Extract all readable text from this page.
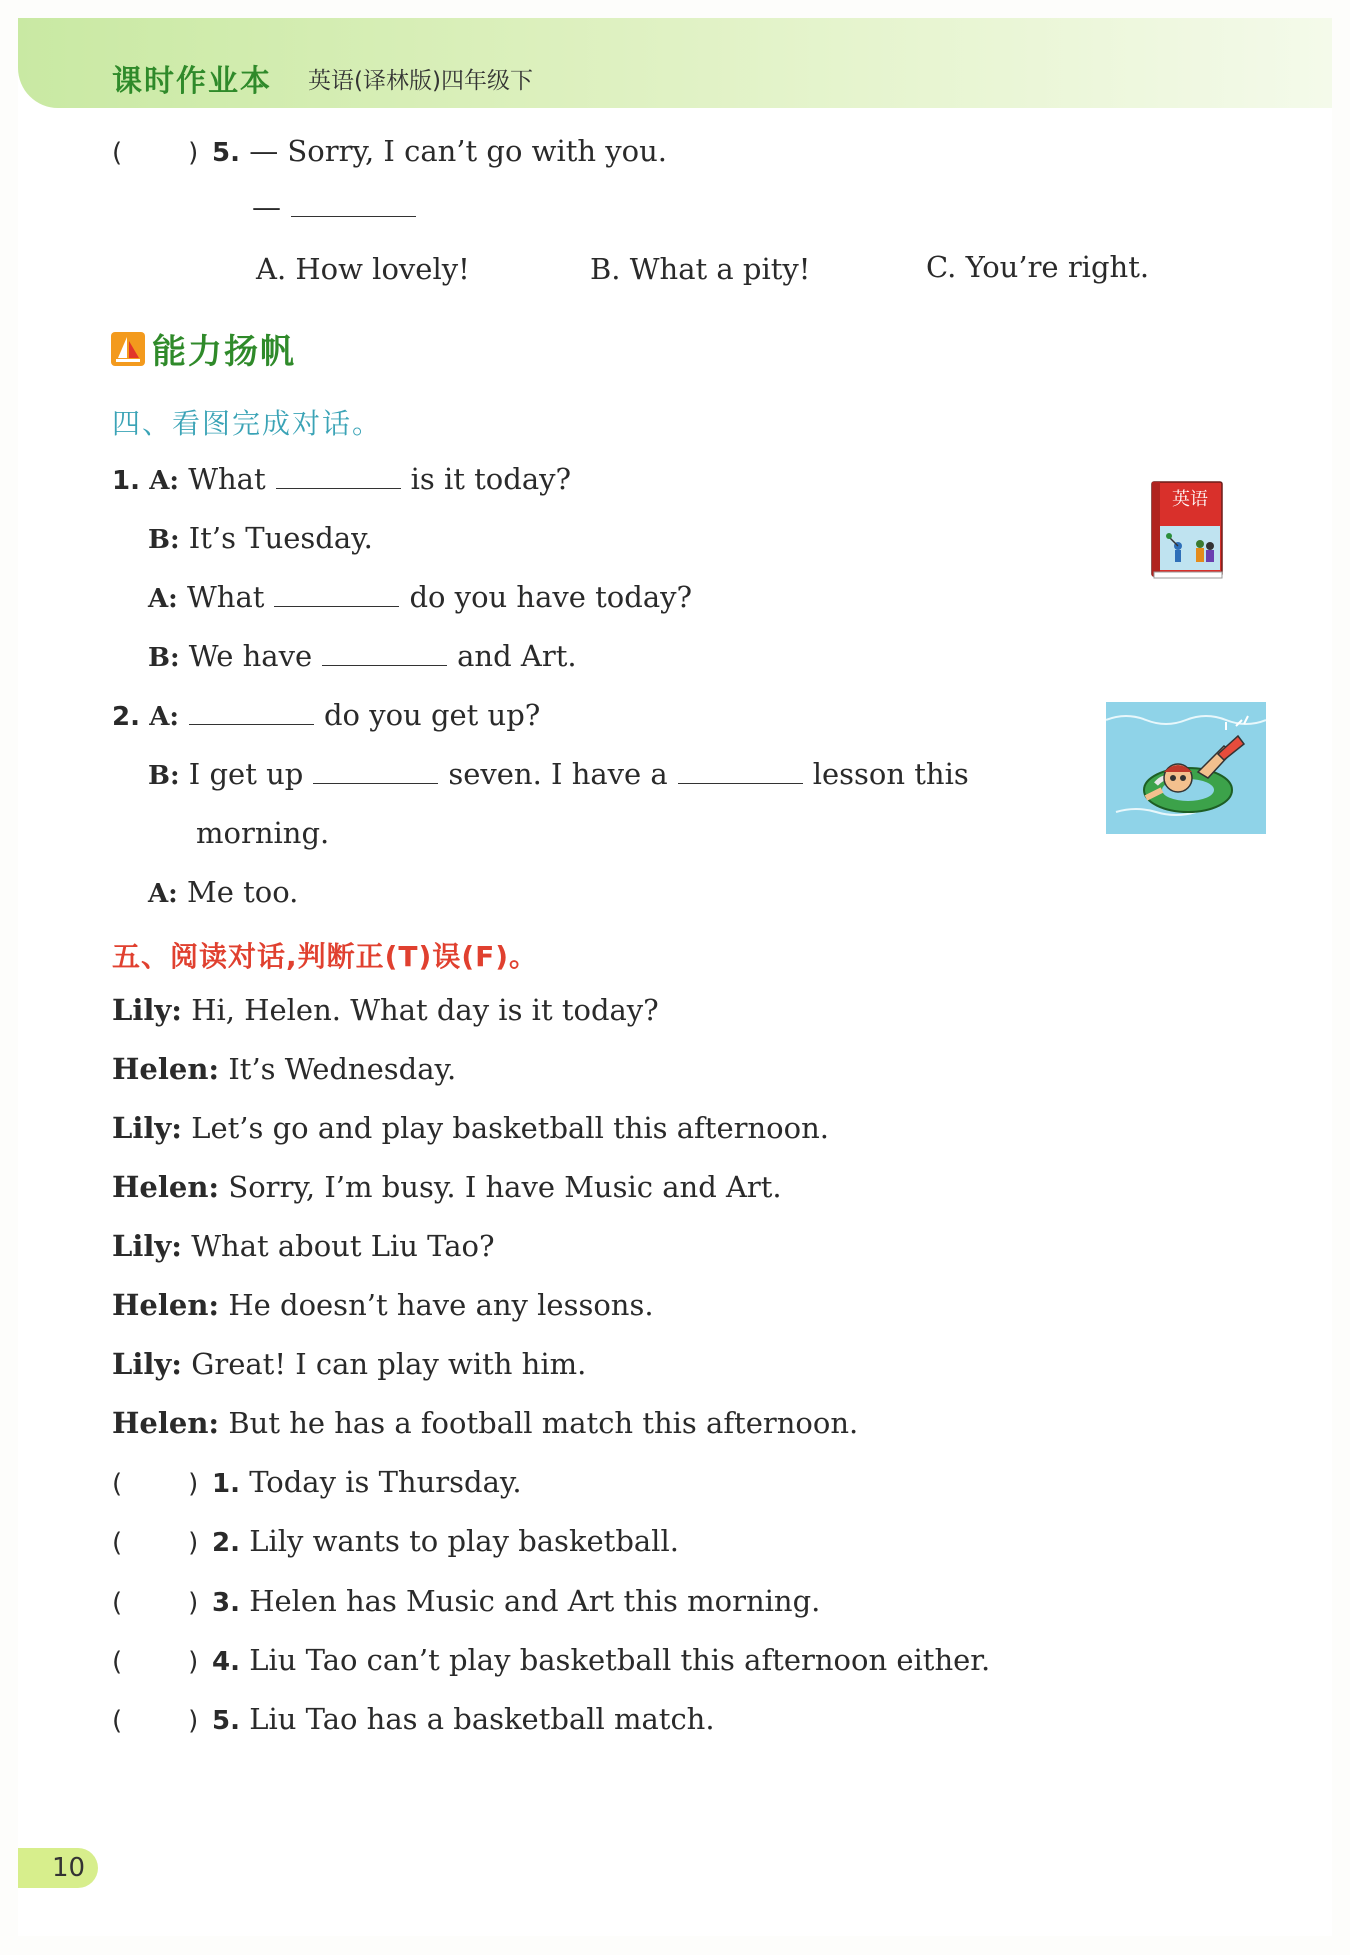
课时作业本 英语(译林版)四年级下
(	) 5. — Sorry, I can’t go with you.
—
A. How lovely!	B. What a pity!	C. You’re right.
能力扬帆
四、看图完成对话。
1. A: What	is it today?
B: It’s Tuesday.
A: What	do you have today?
B: We have	and Art.
英语
2. A:	do you get up?
B: I get up	seven. I have a	lesson this
morning.
A: Me too.
五、阅读对话,判断正(T)误(F)。
Lily: Hi, Helen. What day is it today?
Helen: It’s Wednesday.
Lily: Let’s go and play basketball this afternoon.
Helen: Sorry, I’m busy. I have Music and Art.
Lily: What about Liu Tao?
Helen: He doesn’t have any lessons.
Lily: Great! I can play with him.
Helen: But he has a football match this afternoon.
(	) 1. Today is Thursday.
(	) 2. Lily wants to play basketball.
(	) 3. Helen has Music and Art this morning.
(	) 4. Liu Tao can’t play basketball this afternoon either.
(	) 5. Liu Tao has a basketball match.
10
